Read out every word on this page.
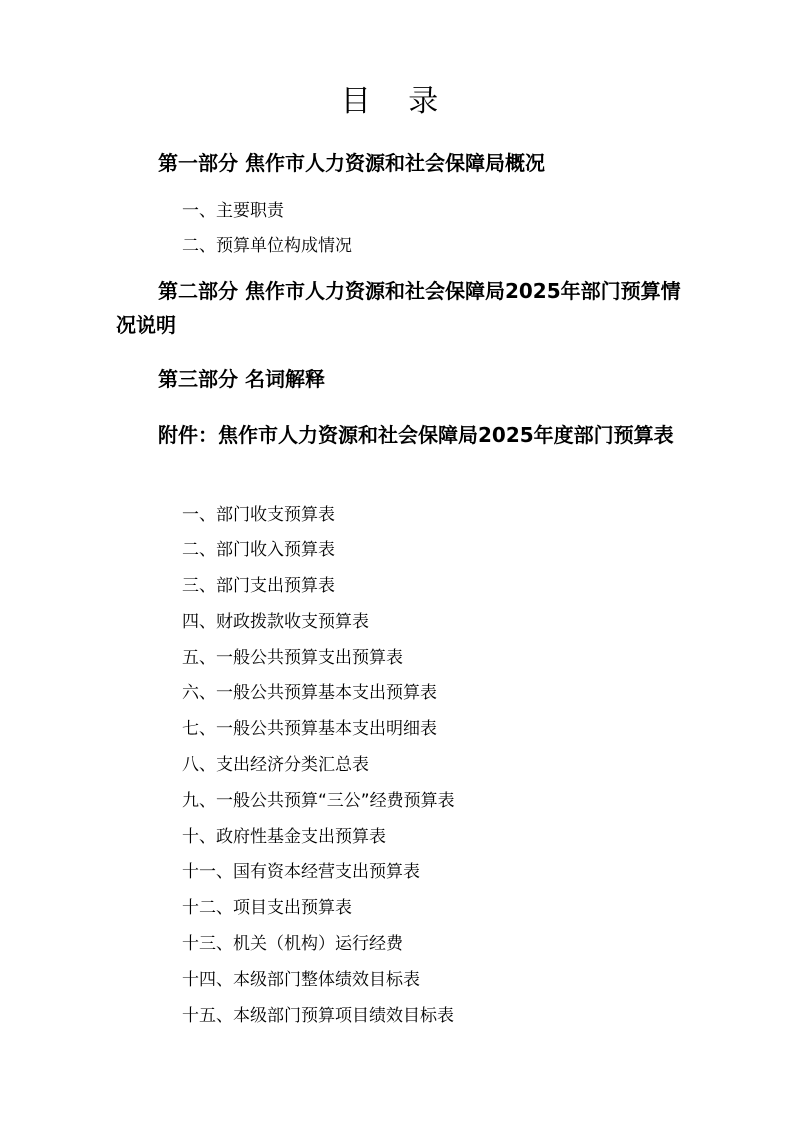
目 录
第一部分 焦作市人力资源和社会保障局概况
一、主要职责
二、预算单位构成情况
第二部分 焦作市人力资源和社会保障局2025年部门预算情况说明
第三部分 名词解释
附件：焦作市人力资源和社会保障局2025年度部门预算表
一、部门收支预算表
二、部门收入预算表
三、部门支出预算表
四、财政拨款收支预算表
五、一般公共预算支出预算表
六、一般公共预算基本支出预算表
七、一般公共预算基本支出明细表
八、支出经济分类汇总表
九、一般公共预算“三公”经费预算表
十、政府性基金支出预算表
十一、国有资本经营支出预算表
十二、项目支出预算表
十三、机关（机构）运行经费
十四、本级部门整体绩效目标表
十五、本级部门预算项目绩效目标表
